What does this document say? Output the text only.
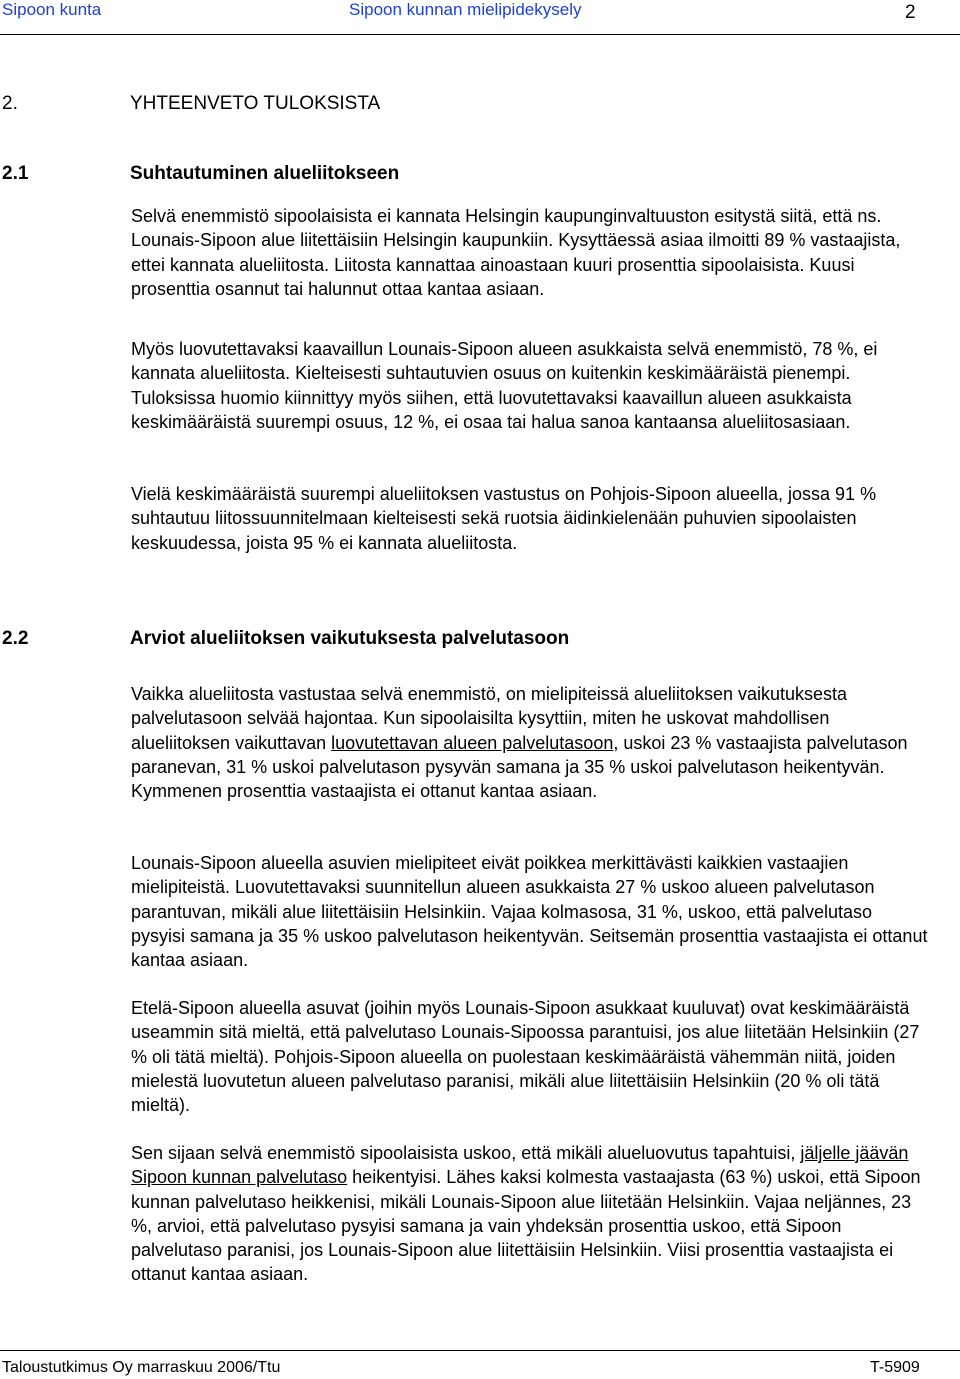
Sipoon kunta	Sipoon kunnan mielipidekysely	2
2.	YHTEENVETO TULOKSISTA
2.1	Suhtautuminen alueliitokseen

Selvä enemmistö sipoolaisista ei kannata Helsingin kaupunginvaltuuston esitystä siitä, että ns. Lounais-Sipoon alue liitettäisiin Helsingin kaupunkiin. Kysyttäessä asiaa ilmoitti 89 % vastaajista, ettei kannata alueliitosta. Liitosta kannattaa ainoastaan kuuri prosenttia sipoolaisista. Kuusi prosenttia osannut tai halunnut ottaa kantaa asiaan.

Myös luovutettavaksi kaavaillun Lounais-Sipoon alueen asukkaista selvä enemmistö, 78 %, ei kannata alueliitosta. Kielteisesti suhtautuvien osuus on kuitenkin keskimääräistä pienempi. Tuloksissa huomio kiinnittyy myös siihen, että luovutettavaksi kaavaillun alueen asukkaista keskimääräistä suurempi osuus, 12 %, ei osaa tai halua sanoa kantaansa alueliitosasiaan.

Vielä keskimääräistä suurempi alueliitoksen vastustus on Pohjois-Sipoon alueella, jossa 91 % suhtautuu liitossuunnitelmaan kielteisesti sekä ruotsia äidinkielenään puhuvien sipoolaisten keskuudessa, joista 95 % ei kannata alueliitosta.

2.2	Arviot alueliitoksen vaikutuksesta palvelutasoon

Vaikka alueliitosta vastustaa selvä enemmistö, on mielipiteissä alueliitoksen vaikutuksesta palvelutasoon selvää hajontaa. Kun sipoolaisilta kysyttiin, miten he uskovat mahdollisen alueliitoksen vaikuttavan luovutettavan alueen palvelutasoon, uskoi 23 % vastaajista palvelutason paranevan, 31 % uskoi palvelutason pysyvän samana ja 35 % uskoi palvelutason heikentyvän. Kymmenen prosenttia vastaajista ei ottanut kantaa asiaan.

Lounais-Sipoon alueella asuvien mielipiteet eivät poikkea merkittävästi kaikkien vastaajien mielipiteistä. Luovutettavaksi suunnitellun alueen asukkaista 27 % uskoo alueen palvelutason parantuvan, mikäli alue liitettäisiin Helsinkiin. Vajaa kolmasosa, 31 %, uskoo, että palvelutaso pysyisi samana ja 35 % uskoo palvelutason heikentyvän. Seitsemän prosenttia vastaajista ei ottanut kantaa asiaan.

Etelä-Sipoon alueella asuvat (joihin myös Lounais-Sipoon asukkaat kuuluvat) ovat keskimääräistä useammin sitä mieltä, että palvelutaso Lounais-Sipoossa parantuisi, jos alue liitetään Helsinkiin (27 % oli tätä mieltä). Pohjois-Sipoon alueella on puolestaan keskimääräistä vähemmän niitä, joiden mielestä luovutetun alueen palvelutaso paranisi, mikäli alue liitettäisiin Helsinkiin (20 % oli tätä mieltä).

Sen sijaan selvä enemmistö sipoolaisista uskoo, että mikäli alueluovutus tapahtuisi, jäljelle jäävän Sipoon kunnan palvelutaso heikentyisi. Lähes kaksi kolmesta vastaajasta (63 %) uskoi, että Sipoon kunnan palvelutaso heikkenisi, mikäli Lounais-Sipoon alue liitetään Helsinkiin. Vajaa neljännes, 23 %, arvioi, että palvelutaso pysyisi samana ja vain yhdeksän prosenttia uskoo, että Sipoon palvelutaso paranisi, jos Lounais-Sipoon alue liitettäisiin Helsinkiin. Viisi prosenttia vastaajista ei ottanut kantaa asiaan.

Taloustutkimus Oy marraskuu 2006/Ttu	T-5909
